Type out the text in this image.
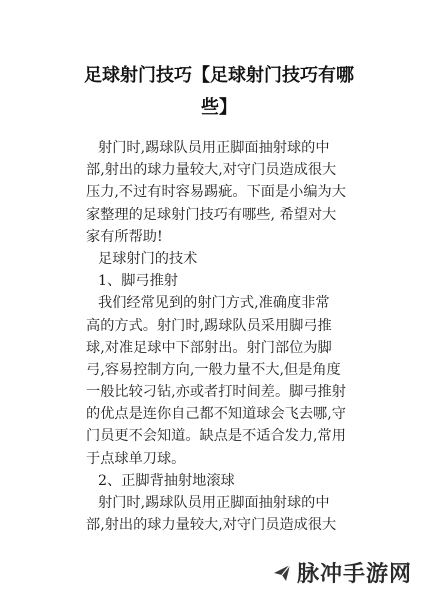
足球射门技巧【足球射门技巧有哪
些】
射门时,踢球队员用正脚面抽射球的中
部,射出的球力量较大,对守门员造成很大
压力,不过有时容易踢疵。下面是小编为大
家整理的足球射门技巧有哪些, 希望对大
家有所帮助!
足球射门的技术
1、脚弓推射
我们经常见到的射门方式,准确度非常
高的方式。射门时,踢球队员采用脚弓推
球,对准足球中下部射出。射门部位为脚
弓,容易控制方向,一般力量不大,但是角度
一般比较刁钻,亦或者打时间差。脚弓推射
的优点是连你自己都不知道球会飞去哪,守
门员更不会知道。缺点是不适合发力,常用
于点球单刀球。
2、正脚背抽射地滚球
射门时,踢球队员用正脚面抽射球的中
部,射出的球力量较大,对守门员造成很大
脉冲手游网
